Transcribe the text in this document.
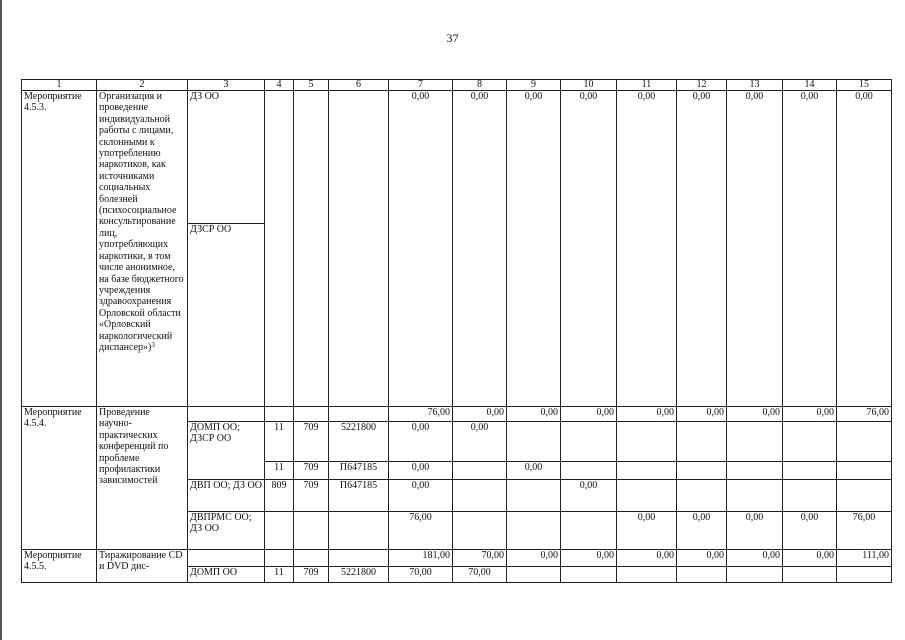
37
1	2	3	4	5	6	7	8	9	10	11	12	13	14	15
Мероприятие 4.5.3.	Организация и проведение индивидуальной работы с лицами, склонными к употреблению наркотиков, как источниками социальных болезней (психосоциальное консультирование лиц, употребляющих наркотики, в том числе анонимное, на базе бюджетного учреждения здравоохранения Орловской области «Орловский наркологический диспансер»)$^3$	ДЗ ОО				0,00	0,00	0,00	0,00	0,00	0,00	0,00	0,00	0,00
		ДЗСР ОО												
Мероприятие 4.5.4.	Проведение научно-практических конференций по проблеме профилактики зависимостей					76,00	0,00	0,00	0,00	0,00	0,00	0,00	0,00	76,00
		ДОМП ОО; ДЗСР ОО	11	709	5221800	0,00	0,00							
			11	709	П647185	0,00		0,00						
		ДВП ОО; ДЗ ОО	809	709	П647185	0,00			0,00					
		ДВПРМС ОО; ДЗ ОО				76,00				0,00	0,00	0,00	0,00	76,00
Мероприятие 4.5.5.	Тиражирование CD и DVD дис-					181,00	70,00	0,00	0,00	0,00	0,00	0,00	0,00	111,00
		ДОМП ОО	11	709	5221800	70,00	70,00							
